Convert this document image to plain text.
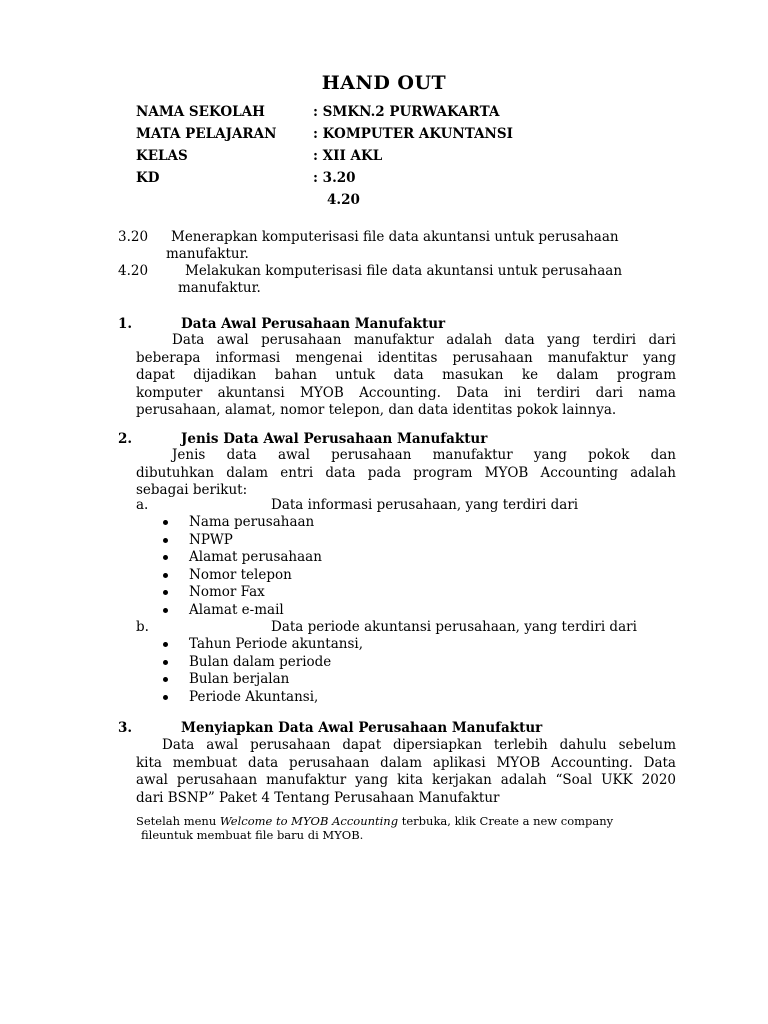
HAND OUT
NAMA SEKOLAH	: SMKN.2 PURWAKARTA
MATA PELAJARAN	: KOMPUTER AKUNTANSI
KELAS	: XII AKL
KD	: 3.20
4.20
3.20 Menerapkan komputerisasi file data akuntansi untuk perusahaan
manufaktur.
4.20	Melakukan komputerisasi file data akuntansi untuk perusahaan
manufaktur.
1.	Data Awal Perusahaan Manufaktur
Data awal perusahaan manufaktur adalah data yang terdiri dari
beberapa informasi mengenai identitas perusahaan manufaktur yang
dapat dijadikan bahan untuk data masukan ke dalam program
komputer akuntansi MYOB Accounting. Data ini terdiri dari nama
perusahaan, alamat, nomor telepon, dan data identitas pokok lainnya.
2.	Jenis Data Awal Perusahaan Manufaktur
Jenis data awal perusahaan manufaktur yang pokok dan
dibutuhkan dalam entri data pada program MYOB Accounting adalah
sebagai berikut:
a.	Data informasi perusahaan, yang terdiri dari
Nama perusahaan
NPWP
Alamat perusahaan
Nomor telepon
Nomor Fax
Alamat e-mail
b.	Data periode akuntansi perusahaan, yang terdiri dari
Tahun Periode akuntansi,
Bulan dalam periode
Bulan berjalan
Periode Akuntansi,
3.	Menyiapkan Data Awal Perusahaan Manufaktur
Data awal perusahaan dapat dipersiapkan terlebih dahulu sebelum
kita membuat data perusahaan dalam aplikasi MYOB Accounting. Data
awal perusahaan manufaktur yang kita kerjakan adalah “Soal UKK 2020
dari BSNP” Paket 4 Tentang Perusahaan Manufaktur
Setelah menu Welcome to MYOB Accounting terbuka, klik Create a new company
fileuntuk membuat file baru di MYOB.
